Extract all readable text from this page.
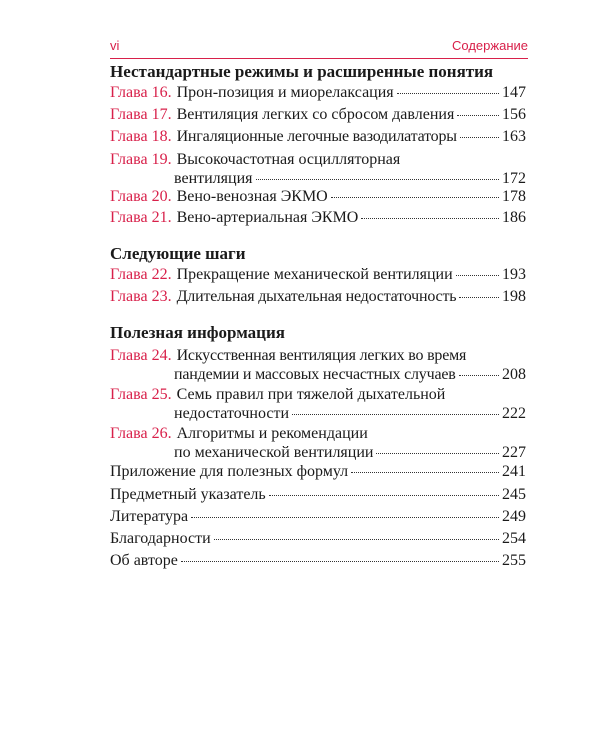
vi	Содержание
Нестандартные режимы и расширенные понятия
Глава 16. Прон-позиция и миорелаксация	147
Глава 17. Вентиляция легких со сбросом давления	156
Глава 18. Ингаляционные легочные вазодилататоры	163
Глава 19. Высокочастотная осцилляторная
вентиляция	172
Глава 20. Вено-венозная ЭКМО	178
Глава 21. Вено-артериальная ЭКМО	186
Следующие шаги
Глава 22. Прекращение механической вентиляции	193
Глава 23. Длительная дыхательная недостаточность	198
Полезная информация
Глава 24. Искусственная вентиляция легких во время
пандемии и массовых несчастных случаев	208
Глава 25. Семь правил при тяжелой дыхательной
недостаточности	222
Глава 26. Алгоритмы и рекомендации
по механической вентиляции	227
Приложение для полезных формул	241
Предметный указатель	245
Литература	249
Благодарности	254
Об авторе	255
